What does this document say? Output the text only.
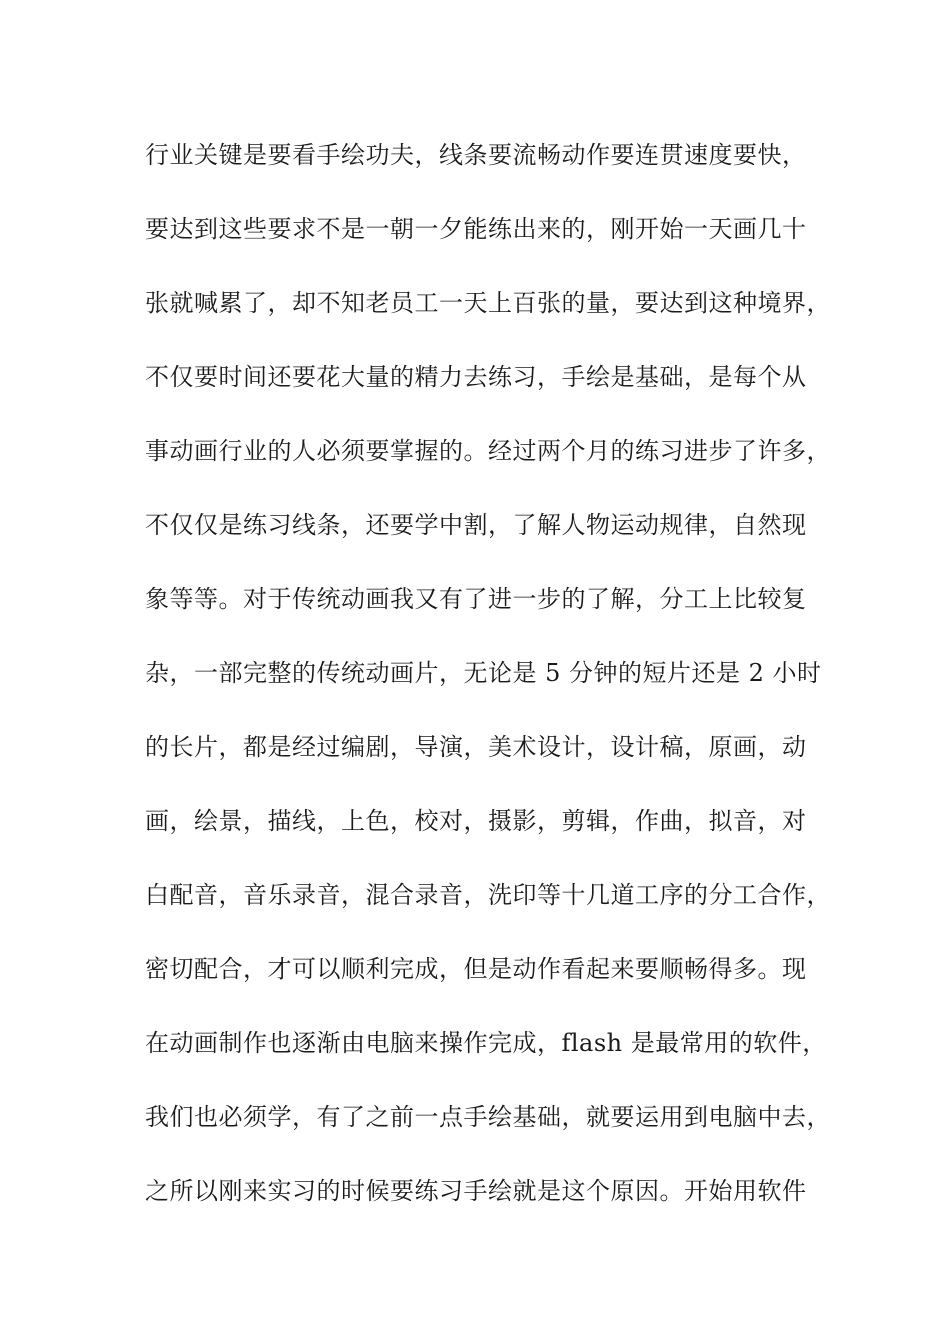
行业关键是要看手绘功夫，线条要流畅动作要连贯速度要快，
要达到这些要求不是一朝一夕能练出来的，刚开始一天画几十
张就喊累了，却不知老员工一天上百张的量，要达到这种境界，
不仅要时间还要花大量的精力去练习，手绘是基础，是每个从
事动画行业的人必须要掌握的。经过两个月的练习进步了许多，
不仅仅是练习线条，还要学中割，了解人物运动规律，自然现
象等等。对于传统动画我又有了进一步的了解，分工上比较复
杂，一部完整的传统动画片，无论是 5 分钟的短片还是 2 小时
的长片，都是经过编剧，导演，美术设计，设计稿，原画，动
画，绘景，描线，上色，校对，摄影，剪辑，作曲，拟音，对
白配音，音乐录音，混合录音，洗印等十几道工序的分工合作，
密切配合，才可以顺利完成，但是动作看起来要顺畅得多。现
在动画制作也逐渐由电脑来操作完成，flash 是最常用的软件，
我们也必须学，有了之前一点手绘基础，就要运用到电脑中去，
之所以刚来实习的时候要练习手绘就是这个原因。开始用软件
